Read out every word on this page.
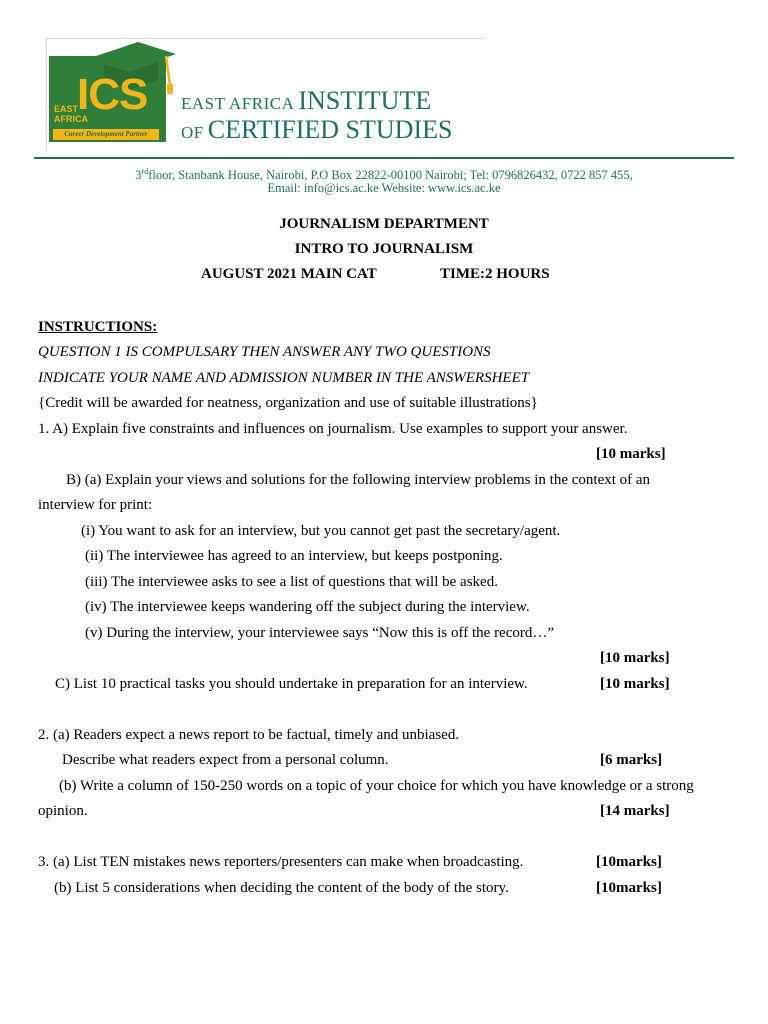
ICS
EAST
AFRICA
Career Development Partner
EAST AFRICA INSTITUTE
OF CERTIFIED STUDIES
3rdfloor, Stanbank House, Nairobi, P.O Box 22822-00100 Nairobi; Tel: 0796826432, 0722 857 455,
Email: info@ics.ac.ke Website: www.ics.ac.ke
JOURNALISM DEPARTMENT
INTRO TO JOURNALISM
AUGUST 2021 MAIN CAT	TIME:2 HOURS
INSTRUCTIONS:
QUESTION 1 IS COMPULSARY THEN ANSWER ANY TWO QUESTIONS
INDICATE YOUR NAME AND ADMISSION NUMBER IN THE ANSWERSHEET
{Credit will be awarded for neatness, organization and use of suitable illustrations}
1. A) Explain five constraints and influences on journalism. Use examples to support your answer.
[10 marks]
B) (a) Explain your views and solutions for the following interview problems in the context of an
interview for print:
(i) You want to ask for an interview, but you cannot get past the secretary/agent.
(ii) The interviewee has agreed to an interview, but keeps postponing.
(iii) The interviewee asks to see a list of questions that will be asked.
(iv) The interviewee keeps wandering off the subject during the interview.
(v) During the interview, your interviewee says “Now this is off the record…”
[10 marks]
C) List 10 practical tasks you should undertake in preparation for an interview.	[10 marks]
2. (a) Readers expect a news report to be factual, timely and unbiased.
Describe what readers expect from a personal column.	[6 marks]
(b) Write a column of 150-250 words on a topic of your choice for which you have knowledge or a strong
opinion.	[14 marks]
3. (a) List TEN mistakes news reporters/presenters can make when broadcasting.	[10marks]
(b) List 5 considerations when deciding the content of the body of the story.	[10marks]
